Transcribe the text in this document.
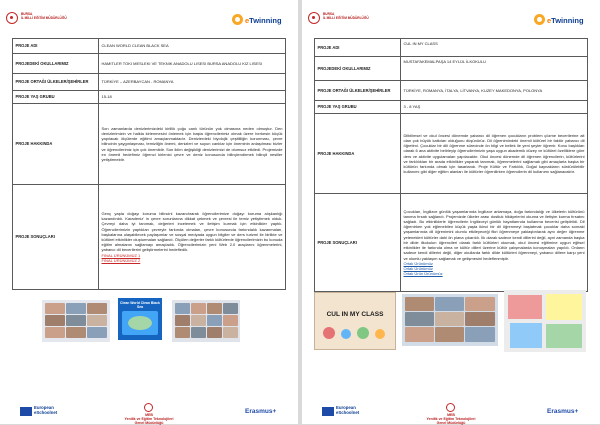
BURSA
İL MİLLİ EĞİTİM MÜDÜRLÜĞÜ	eTwinning
PROJE ADI	CLEAN WORLD CLEAN BLACK SEA
PROJEDEKİ OKULLARIMIZ	HAMITLER TOKI MESLEKI VE TEKNIK ANADOLU LISESI BURSA ANADOLU KIZ LISESI
PROJE ORTAĞI ÜLKELER/ŞEHİRLER	TÜRKİYE – AZERBAYCAN - ROMANYA
PROJE YAŞ GRUBU	15-18
PROJE HAKKINDA	Son zamanlarda denizlerimizdeki kirlilik çoğu canlı türünün yok olmasına neden olmuştur. Den denizlerimizin ve halkla kirlenmesini önlemek için başta öğrencilerimiz olmak üzere herkesin küçük yapılacak ölçülerde eğitimi amaçlanmaktadır. Denizlerdeki biyolojik çeşitliliğin korunması, çevre bilincinin yaygınlaşması, temizliğin önemi, denizleri ve suyun canlılar için öneminin anlaşılması bizler ve öğrencilerimiz için çok önemlidir. Son iklim değişikliği denizlerimizi de olumsuz etkiledi. Projemizde en önemli hedefimiz öğrenci kirlenici çevre ve deniz konusunda bilinçlendirmek bilinçli nesiller yetiştirmektir.
PROJE SONUÇLARI	Genç yaşta doğayı koruma bilincini kazandırarak öğrencilerimize doğayı koruma alışkanlığı kazandırdık. Karadeniz' in çevre sorunlarına dikkat çekmek ve çevresi ile temiz yetiştirmek olduk. Çevreyi daha iyi tanımak, değerleri incelemek ve iletişim kurmak için etkinlikler yaptık. Öğrencilerimizin yaptıkları çevreyle farkında olmaları, çevre konusunda farkındalık kazanmaları, başkalarına ulaşabilecek paylaşımlar ve sosyal medyada uygun bilgiler ve ders turizmi ile birlikte ve kültürel etkinlikler oluşturmaları sağlandı. Ölçülen değerler farklı kültürlerde öğrencilerimizin bu konuda eğitim almalarını sağlamayı amaçladık. Öğrencilerimizin yeni Web 2.0 araçlarını öğrenmelerini, yabancı dil becerilerini geliştirmelerini hedefledik.
FINAL ÜRÜNÜMÜZ 1
FINAL ÜRÜNÜMÜZ 2
Clean World Clean Black Sea
European
eSchoolnet
MEB
Yenilik ve Eğitim Teknolojileri
Genel Müdürlüğü
Erasmus+
BURSA
İL MİLLİ EĞİTİM MÜDÜRLÜĞÜ	eTwinning
PROJE ADI	CUL IN MY CLASS
PROJEDEKİ OKULLARIMIZ	MUSTAFAKEMALPAŞA 14 EYLÜL İLKOKULU
PROJE ORTAĞI ÜLKELER/ŞEHİRLER	TÜRKİYE, ROMANYA, İTALYA, LİTVANYA, KUZEY MAKEDONYA, POLONYA
PROJE YAŞ GRUBU	3 - 8 YAŞ
PROJE HAKKINDA	Dilbilimsel ve okul öncesi dönemde yabancı dil öğrenen çocukların problem çözme becerilerine ait olan çok büyük katkıları olduğunu düşünürüz. Dil öğrenimindeki önemli kültürel bir faktör yabancı dil öğretimi. Çocuklar bir dili öğrenme sürecinde ön bilgi ve bellek ile yeni şeyler öğrenir. Konu başlıkları olarak 6 ana aktivite belirleyip öğrencilerimizin yaşa uygun akademik düzey ve kültürel özelliklere göre ders ve aktivite uygulamaları yapılacaktır. Okul öncesi dönemde dil öğrenen öğrencilerin, kültürlerini ve farklılıkları bir arada etkinlikler yaparak tanımak, öğrenmelerini sağlamak gibi amaçlarla başka bir kültürün farkında olmak için tasarlandı. Proje Kültür ve Farklılık, Doğal kaynakların sürdürülebilir kullanımı gibi diğer eğitim alanları ile kültürler öğrenilirken öğrencilerin dil kullanımı sağlanacaktır.
PROJE SONUÇLARI	Çocukları, İngilizce günlük yaşamlarında İngilizce anlamaya, doğa farkındalığı ve ülkelerin kültürünü tanıma fırsatı sağlandı. Projemizde ülkeler arası dostluk hikâyelerini okuma ve iletişim kurma fırsatını sağladı. Bu etkinliklerle öğrencilerin İngilizceyi günlük hayatlarında kullanma becerisi geliştirildi. Dil öğrenirken yok eğlenebilen küçük yaşta ikinci bir dil öğrenmeyi başlatmak çocuklar daha sonraki yaşamlarında dil öğrenimini olumlu etkileyeceği fikri öğrenmeye yaklaştırılarak aynı değer öğrenme yetenekleri kültürler dahi ön plana çıkarıldı. İlk olarak sadece kendi dillerini değil, ayni zamanda başka bir dilde ilkokulun öğrencileri olarak farklı kültürleri okumak, okul öncesi eğitimine uygun eğitsel etkinlikler ile farkında olma ve kültür dilleri üzerine kültür çalışmalarda konuşmaları yapıldı. Onların sadece kendi dillerini değil, diğer okullarda farklı dilde kültürleri öğrenmeyi, yabancı dillere karşı yeni ve olumlu yaklaşım sağlamak ve gelişmesini hedeflenmiştir.
Ortak Ürünümüz
Ortak Ürünümüz
Ortak Ürün Ürünümüz
CUL IN MY CLASS
European
eSchoolnet
MEB
Yenilik ve Eğitim Teknolojileri
Genel Müdürlüğü
Erasmus+
